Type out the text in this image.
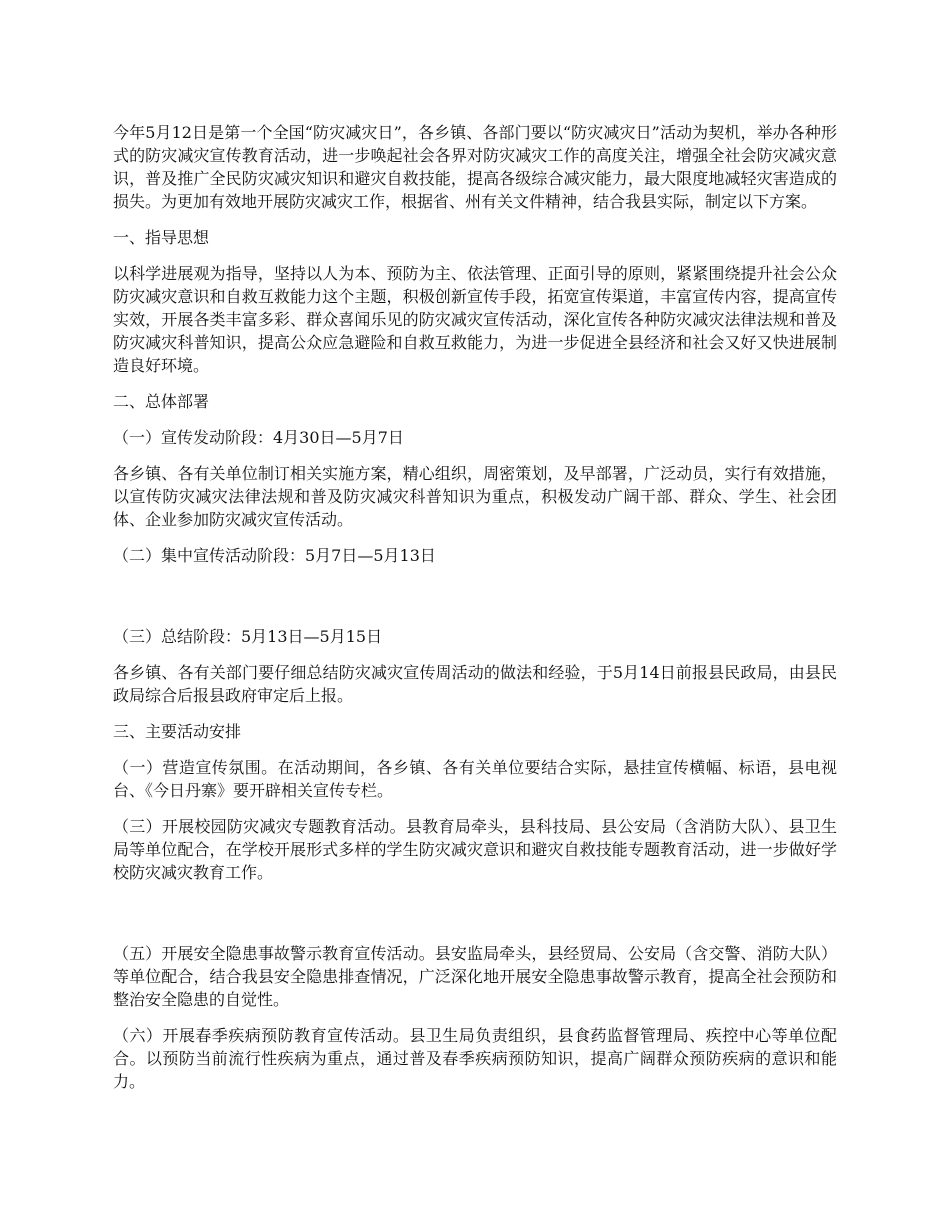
今年5月12日是第一个全国“防灾减灾日”，各乡镇、各部门要以“防灾减灾日”活动为契机，举办各种形式的防灾减灾宣传教育活动，进一步唤起社会各界对防灾减灾工作的高度关注，增强全社会防灾减灾意识，普及推广全民防灾减灾知识和避灾自救技能，提高各级综合减灾能力，最大限度地减轻灾害造成的损失。为更加有效地开展防灾减灾工作，根据省、州有关文件精神，结合我县实际，制定以下方案。

一、指导思想

以科学进展观为指导，坚持以人为本、预防为主、依法管理、正面引导的原则，紧紧围绕提升社会公众防灾减灾意识和自救互救能力这个主题，积极创新宣传手段，拓宽宣传渠道，丰富宣传内容，提高宣传实效，开展各类丰富多彩、群众喜闻乐见的防灾减灾宣传活动，深化宣传各种防灾减灾法律法规和普及防灾减灾科普知识，提高公众应急避险和自救互救能力，为进一步促进全县经济和社会又好又快进展制造良好环境。

二、总体部署

（一）宣传发动阶段：4月30日—5月7日

各乡镇、各有关单位制订相关实施方案，精心组织，周密策划，及早部署，广泛动员，实行有效措施，以宣传防灾减灾法律法规和普及防灾减灾科普知识为重点，积极发动广阔干部、群众、学生、社会团体、企业参加防灾减灾宣传活动。

（二）集中宣传活动阶段：5月7日—5月13日

（三）总结阶段：5月13日—5月15日

各乡镇、各有关部门要仔细总结防灾减灾宣传周活动的做法和经验，于5月14日前报县民政局，由县民政局综合后报县政府审定后上报。

三、主要活动安排

（一）营造宣传氛围。在活动期间，各乡镇、各有关单位要结合实际，悬挂宣传横幅、标语，县电视台、《今日丹寨》要开辟相关宣传专栏。

（三）开展校园防灾减灾专题教育活动。县教育局牵头，县科技局、县公安局（含消防大队）、县卫生局等单位配合，在学校开展形式多样的学生防灾减灾意识和避灾自救技能专题教育活动，进一步做好学校防灾减灾教育工作。

（五）开展安全隐患事故警示教育宣传活动。县安监局牵头，县经贸局、公安局（含交警、消防大队）等单位配合，结合我县安全隐患排查情况，广泛深化地开展安全隐患事故警示教育，提高全社会预防和整治安全隐患的自觉性。

（六）开展春季疾病预防教育宣传活动。县卫生局负责组织，县食药监督管理局、疾控中心等单位配合。以预防当前流行性疾病为重点，通过普及春季疾病预防知识，提高广阔群众预防疾病的意识和能力。
